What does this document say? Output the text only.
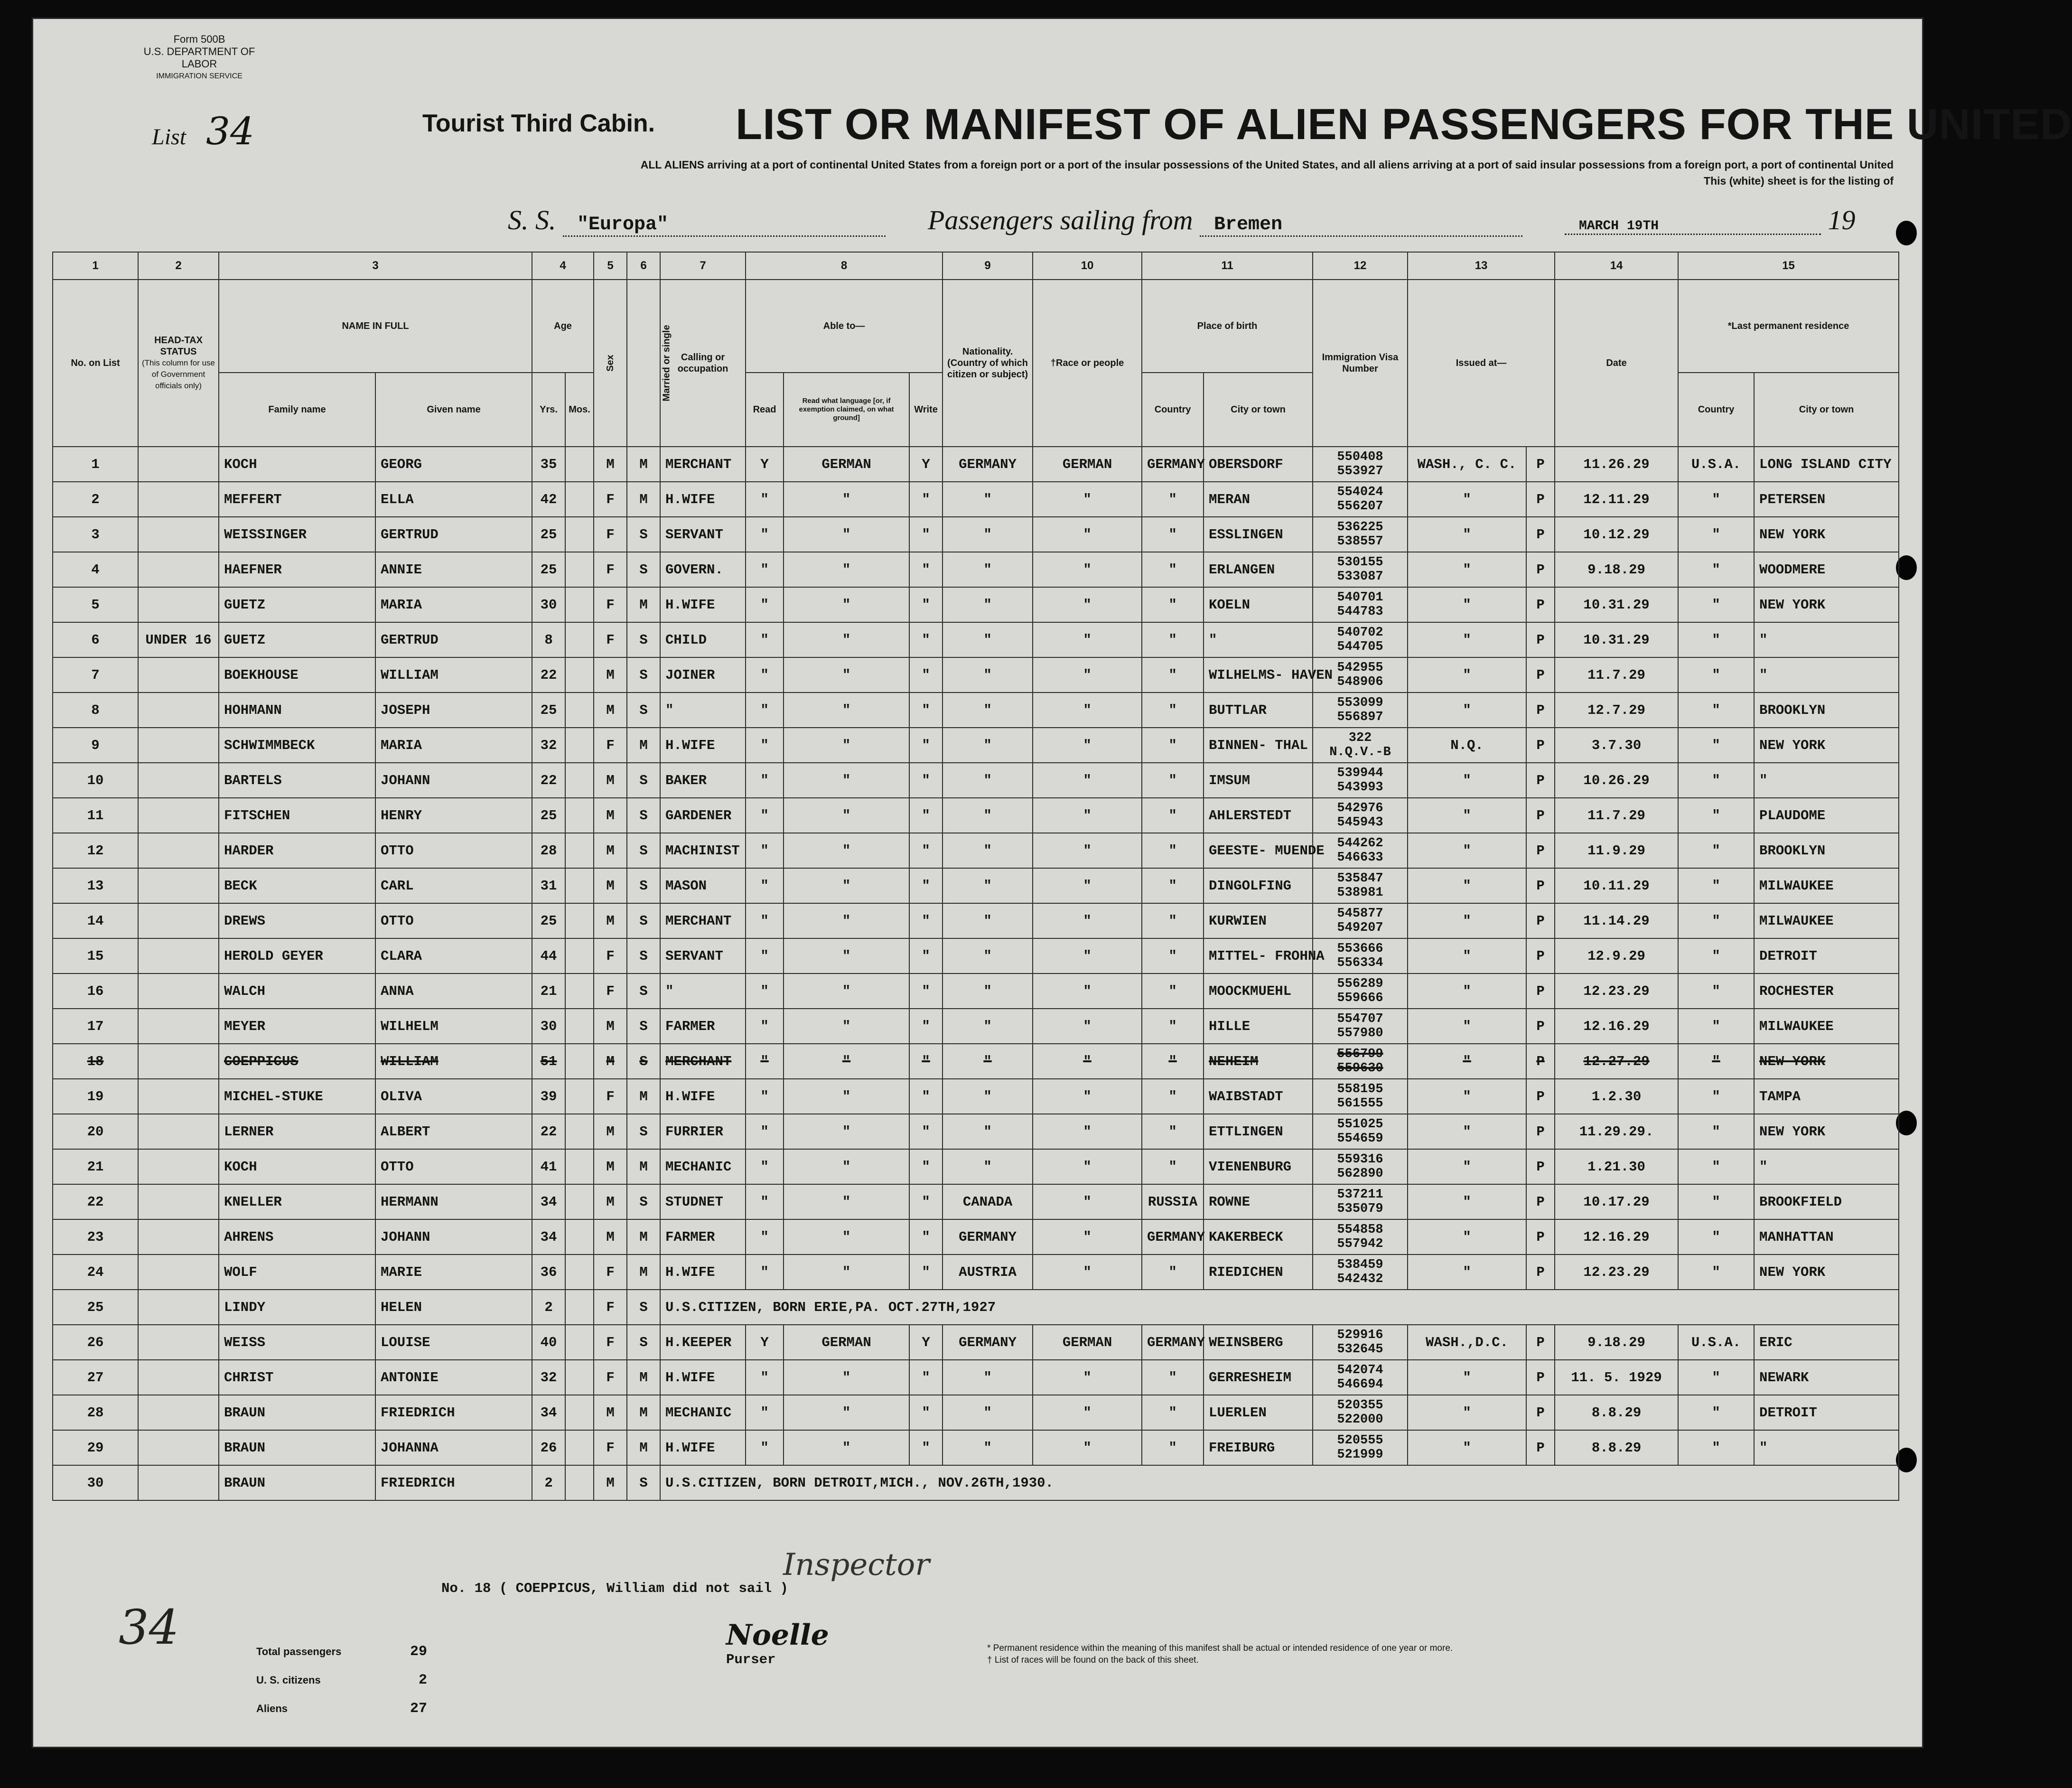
Form 500B
U.S. DEPARTMENT OF LABOR
IMMIGRATION SERVICE
List 34	Tourist Third Cabin. LIST OR MANIFEST OF ALIEN PASSENGERS FOR THE UNITED
ALL ALIENS arriving at a port of continental United States from a foreign port or a port of the insular possessions of the United States, and all aliens arriving at a port of said insular possessions from a foreign port, a port of continental United
This (white) sheet is for the listing of
S. S. "Europa"	Passengers sailing from Bremen	MARCH 19TH	19
1	2	3		4		5	6	7	8			9	10	11		12	13		14	15	
No. on List	HEAD-TAX STATUS
(This column for use of Government officials only)	NAME IN FULL		Age		Sex	Married or single	Calling or occupation	Able to—			Nationality. (Country of which citizen or subject)	†Race or people	Place of birth		Immigration Visa Number	Issued at—		Date	*Last permanent residence	
		Family name	Given name	Yrs.	Mos.				Read	Read what language [or, if exemption claimed, on what ground]	Write			Country	City or town					Country	City or town
1		KOCH	GEORG	35		M	M	MERCHANT	Y	GERMAN	Y	GERMANY	GERMAN	GERMANY	OBERSDORF	550408 553927	WASH., C. C.	P	11.26.29	U.S.A.	LONG ISLAND CITY
2		MEFFERT	ELLA	42		F	M	H.WIFE	"	"	"	"	"	"	MERAN	554024 556207	"	P	12.11.29	"	PETERSEN
3		WEISSINGER	GERTRUD	25		F	S	SERVANT	"	"	"	"	"	"	ESSLINGEN	536225 538557	"	P	10.12.29	"	NEW YORK
4		HAEFNER	ANNIE	25		F	S	GOVERN.	"	"	"	"	"	"	ERLANGEN	530155 533087	"	P	9.18.29	"	WOODMERE
5		GUETZ	MARIA	30		F	M	H.WIFE	"	"	"	"	"	"	KOELN	540701 544783	"	P	10.31.29	"	NEW YORK
6	UNDER 16	GUETZ	GERTRUD	8		F	S	CHILD	"	"	"	"	"	"	"	540702 544705	"	P	10.31.29	"	"
7		BOEKHOUSE	WILLIAM	22		M	S	JOINER	"	"	"	"	"	"	WILHELMS- HAVEN	542955 548906	"	P	11.7.29	"	"
8		HOHMANN	JOSEPH	25		M	S	"	"	"	"	"	"	"	BUTTLAR	553099 556897	"	P	12.7.29	"	BROOKLYN
9		SCHWIMMBECK	MARIA	32		F	M	H.WIFE	"	"	"	"	"	"	BINNEN- THAL	322 N.Q.V.-B	N.Q.	P	3.7.30	"	NEW YORK
10		BARTELS	JOHANN	22		M	S	BAKER	"	"	"	"	"	"	IMSUM	539944 543993	"	P	10.26.29	"	"
11		FITSCHEN	HENRY	25		M	S	GARDENER	"	"	"	"	"	"	AHLERSTEDT	542976 545943	"	P	11.7.29	"	PLAUDOME
12		HARDER	OTTO	28		M	S	MACHINIST	"	"	"	"	"	"	GEESTE- MUENDE	544262 546633	"	P	11.9.29	"	BROOKLYN
13		BECK	CARL	31		M	S	MASON	"	"	"	"	"	"	DINGOLFING	535847 538981	"	P	10.11.29	"	MILWAUKEE
14		DREWS	OTTO	25		M	S	MERCHANT	"	"	"	"	"	"	KURWIEN	545877 549207	"	P	11.14.29	"	MILWAUKEE
15		HEROLD GEYER	CLARA	44		F	S	SERVANT	"	"	"	"	"	"	MITTEL- FROHNA	553666 556334	"	P	12.9.29	"	DETROIT
16		WALCH	ANNA	21		F	S	"	"	"	"	"	"	"	MOOCKMUEHL	556289 559666	"	P	12.23.29	"	ROCHESTER
17		MEYER	WILHELM	30		M	S	FARMER	"	"	"	"	"	"	HILLE	554707 557980	"	P	12.16.29	"	MILWAUKEE
18		COEPPICUS	WILLIAM	51		M	S	MERCHANT	"	"	"	"	"	"	NEHEIM	556799 559630	"	P	12.27.29	"	NEW YORK
19		MICHEL-STUKE	OLIVA	39		F	M	H.WIFE	"	"	"	"	"	"	WAIBSTADT	558195 561555	"	P	1.2.30	"	TAMPA
20		LERNER	ALBERT	22		M	S	FURRIER	"	"	"	"	"	"	ETTLINGEN	551025 554659	"	P	11.29.29.	"	NEW YORK
21		KOCH	OTTO	41		M	M	MECHANIC	"	"	"	"	"	"	VIENENBURG	559316 562890	"	P	1.21.30	"	"
22		KNELLER	HERMANN	34		M	S	STUDNET	"	"	"	CANADA	"	RUSSIA	ROWNE	537211 535079	"	P	10.17.29	"	BROOKFIELD
23		AHRENS	JOHANN	34		M	M	FARMER	"	"	"	GERMANY	"	GERMANY	KAKERBECK	554858 557942	"	P	12.16.29	"	MANHATTAN
24		WOLF	MARIE	36		F	M	H.WIFE	"	"	"	AUSTRIA	"	"	RIEDICHEN	538459 542432	"	P	12.23.29	"	NEW YORK
25		LINDY	HELEN	2		F	S	U.S.CITIZEN, BORN ERIE,PA. OCT.27TH,1927													
26		WEISS	LOUISE	40		F	S	H.KEEPER	Y	GERMAN	Y	GERMANY	GERMAN	GERMANY	WEINSBERG	529916 532645	WASH.,D.C.	P	9.18.29	U.S.A.	ERIC
27		CHRIST	ANTONIE	32		F	M	H.WIFE	"	"	"	"	"	"	GERRESHEIM	542074 546694	"	P	11. 5. 1929	"	NEWARK
28		BRAUN	FRIEDRICH	34		M	M	MECHANIC	"	"	"	"	"	"	LUERLEN	520355 522000	"	P	8.8.29	"	DETROIT
29		BRAUN	JOHANNA	26		F	M	H.WIFE	"	"	"	"	"	"	FREIBURG	520555 521999	"	P	8.8.29	"	"
30		BRAUN	FRIEDRICH	2		M	S	U.S.CITIZEN, BORN DETROIT,MICH., NOV.26TH,1930.													
Inspector
No. 18 ( COEPPICUS, William did not sail )
34	Total passengers	29
U. S. citizens	2
Aliens	27
Noelle
Purser
* Permanent residence within the meaning of this manifest shall be actual or intended residence of one year or more.
† List of races will be found on the back of this sheet.
